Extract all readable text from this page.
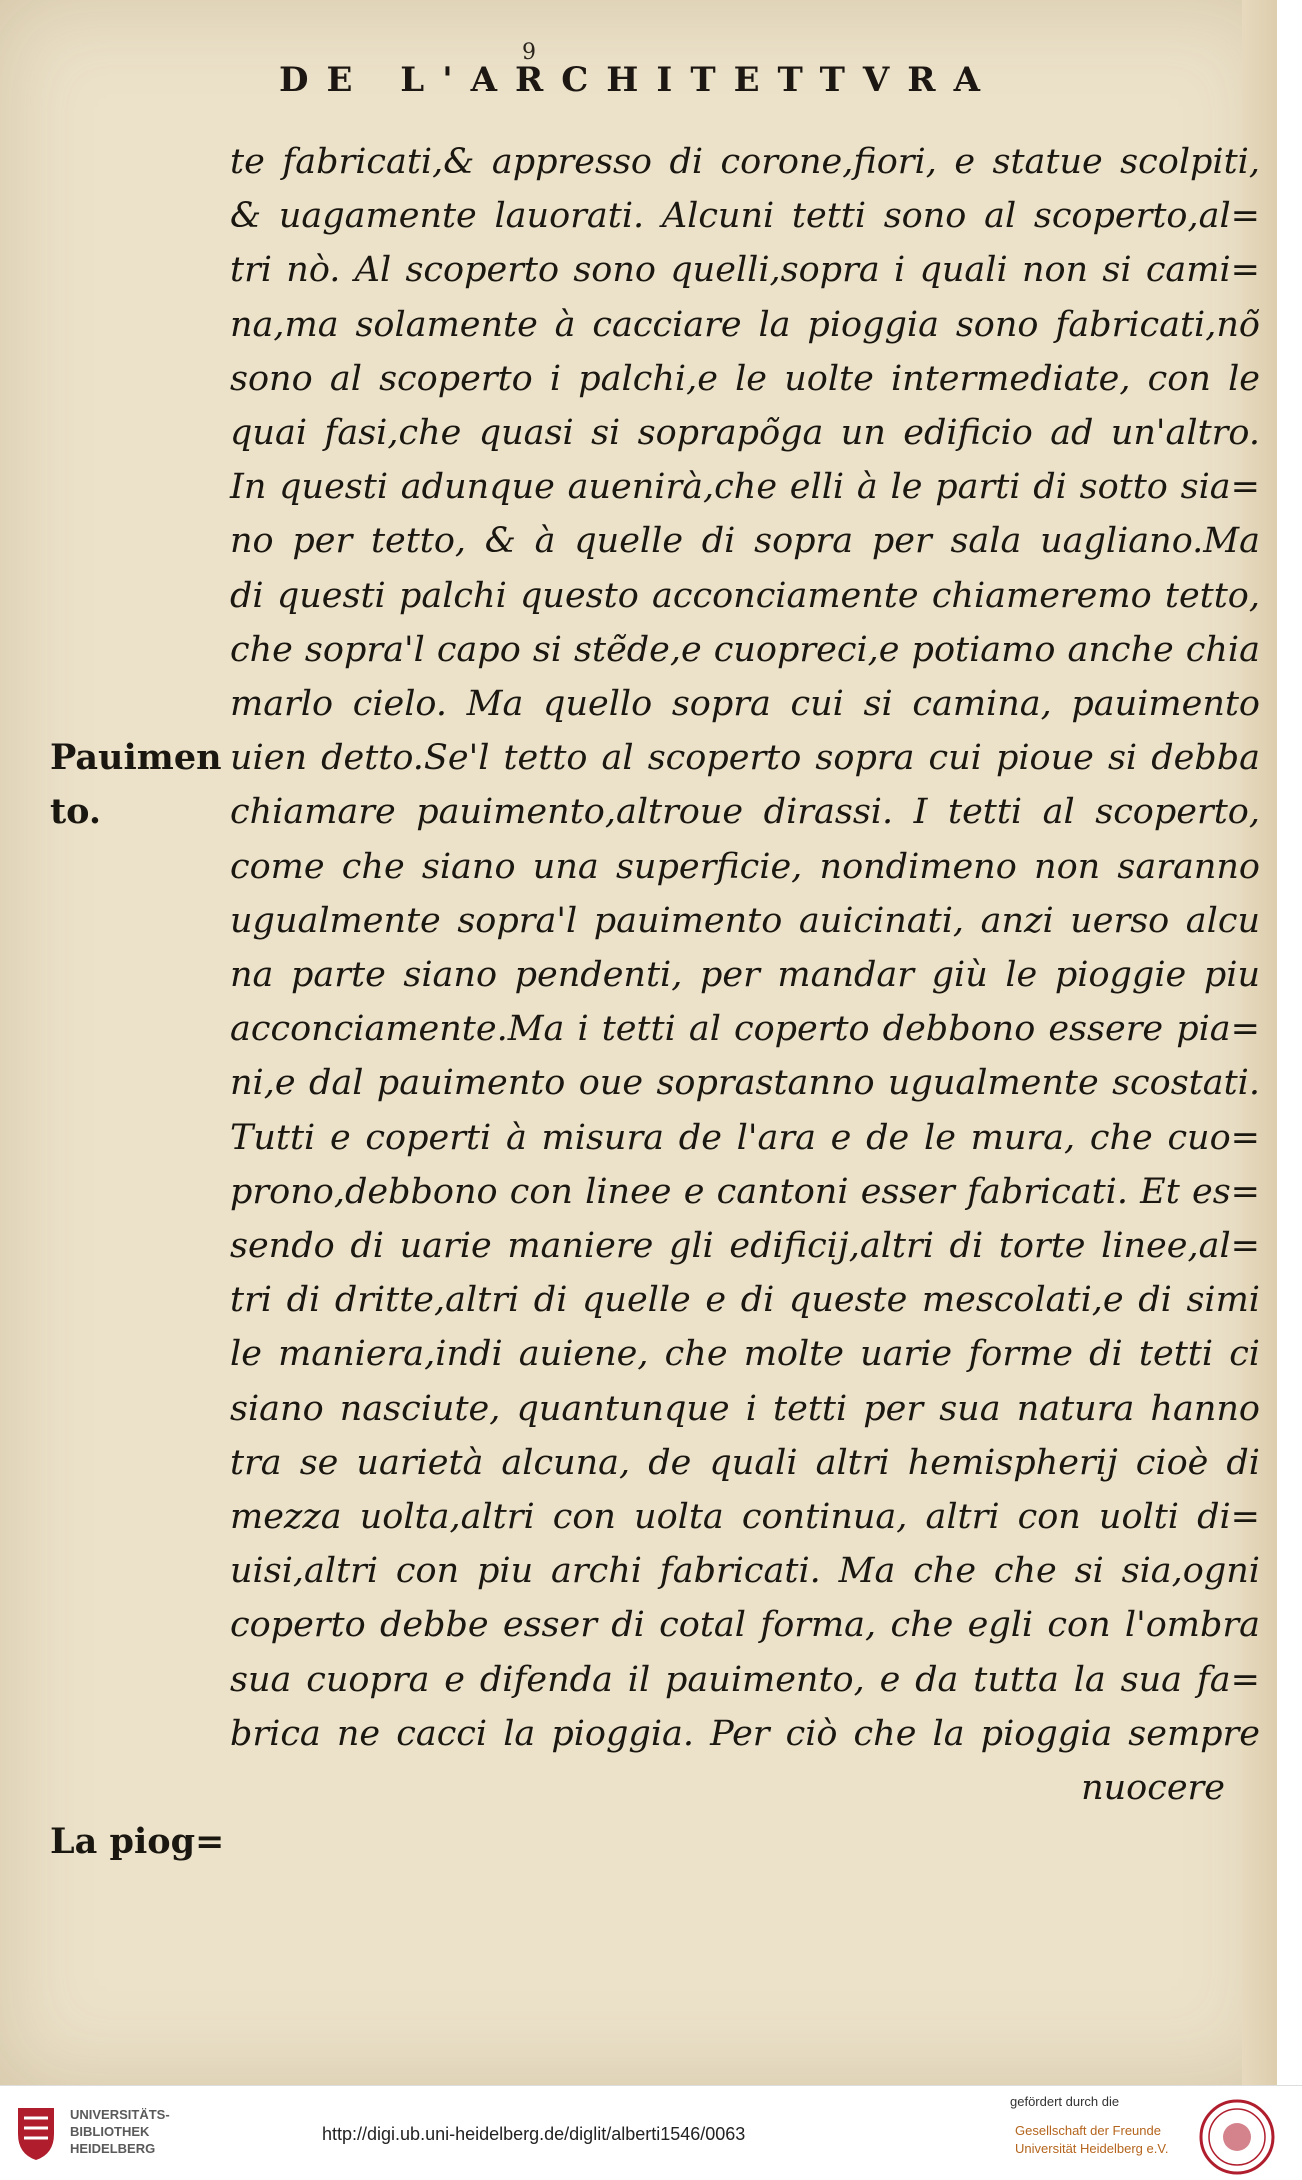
9
DE L'ARCHITETTVRA
te fabricati,& appresso di corone,fiori, e statue scolpiti,
& uagamente lauorati. Alcuni tetti sono al scoperto,al=
tri nò. Al scoperto sono quelli,sopra i quali non si cami=
na,ma solamente à cacciare la pioggia sono fabricati,nõ
sono al scoperto i palchi,e le uolte intermediate, con le
quai fasi,che quasi si soprapõga un edificio ad un'altro.
In questi adunque auenirà,che elli à le parti di sotto sia=
no per tetto, & à quelle di sopra per sala uagliano.Ma
di questi palchi questo acconciamente chiameremo tetto,
che sopra'l capo si stẽde,e cuopreci,e potiamo anche chia
marlo cielo. Ma quello sopra cui si camina, pauimento
uien detto.Se'l tetto al scoperto sopra cui pioue si debba
chiamare pauimento,altroue dirassi. I tetti al scoperto,
come che siano una superficie, nondimeno non saranno
ugualmente sopra'l pauimento auicinati, anzi uerso alcu
na parte siano pendenti, per mandar giù le pioggie piu
acconciamente.Ma i tetti al coperto debbono essere pia=
ni,e dal pauimento oue soprastanno ugualmente scostati.
Tutti e coperti à misura de l'ara e de le mura, che cuo=
prono,debbono con linee e cantoni esser fabricati. Et es=
sendo di uarie maniere gli edificij,altri di torte linee,al=
tri di dritte,altri di quelle e di queste mescolati,e di simi
le maniera,indi auiene, che molte uarie forme di tetti ci
siano nasciute, quantunque i tetti per sua natura hanno
tra se uarietà alcuna, de quali altri hemispherij cioè di
mezza uolta,altri con uolta continua, altri con uolti di=
uisi,altri con piu archi fabricati. Ma che che si sia,ogni
coperto debbe esser di cotal forma, che egli con l'ombra
sua cuopra e difenda il pauimento, e da tutta la sua fa=
brica ne cacci la pioggia. Per ciò che la pioggia sempre
nuocere
Pauimen
to.
La piog=
UNIVERSITÄTS-
BIBLIOTHEK
HEIDELBERG
http://digi.ub.uni-heidelberg.de/diglit/alberti1546/0063
gefördert durch die
Gesellschaft der Freunde
Universität Heidelberg e.V.
